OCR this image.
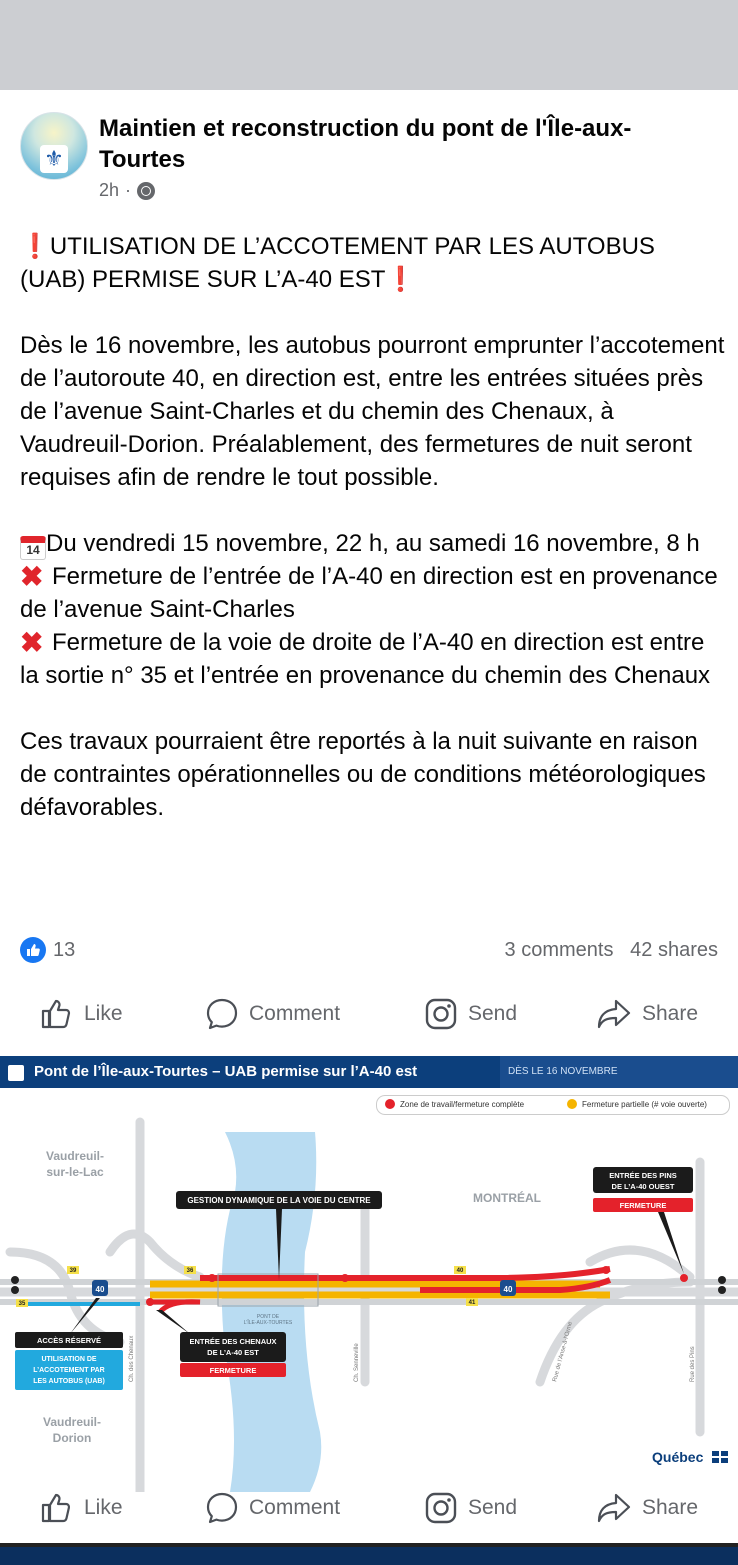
⚜
Maintien et reconstruction du pont de l'Île-aux-Tourtes
2h ·

❗UTILISATION DE L’ACCOTEMENT PAR LES AUTOBUS (UAB) PERMISE SUR L’A-40 EST❗

Dès le 16 novembre, les autobus pourront emprunter l’accotement de l’autoroute 40, en direction est, entre les entrées situées près de l’avenue Saint-Charles et du chemin des Chenaux, à Vaudreuil-Dorion. Préalablement, des fermetures de nuit seront requises afin de rendre le tout possible.

14 Du vendredi 15 novembre, 22 h, au samedi 16 novembre, 8 h

✖ Fermeture de l’entrée de l’A-40 en direction est en provenance de l’avenue Saint-Charles

✖ Fermeture de la voie de droite de l’A-40 en direction est entre la sortie n° 35 et l’entrée en provenance du chemin des Chenaux

Ces travaux pourraient être reportés à la nuit suivante en raison de contraintes opérationnelles ou de conditions météorologiques défavorables.

13	3 comments 42 shares
Like	Comment	Send	Share
Pont de l’Île-aux-Tourtes – UAB permise sur l’A-40 est	DÈS LE 16 NOVEMBRE
Zone de travail/fermeture complète	Fermeture partielle (# voie ouverte)
PONT DE
L’ÎLE-AUX-TOURTES
40	40
39
35
36	40
41
Vaudreuil-
sur-le-Lac
MONTRÉAL
Vaudreuil-
Dorion
Ch. des Chenaux	Ch. Senneville	Rue des Pins
Rue de l'Anse-à-l'Orme
GESTION DYNAMIQUE DE LA VOIE DU CENTRE
ENTRÉE DES PINS
DE L’A-40 OUEST
FERMETURE
ACCÈS RÉSERVÉ
UTILISATION DE
L’ACCOTEMENT PAR
LES AUTOBUS (UAB)
ENTRÉE DES CHENAUX
DE L’A-40 EST
FERMETURE
Québec
Like	Comment	Send	Share
